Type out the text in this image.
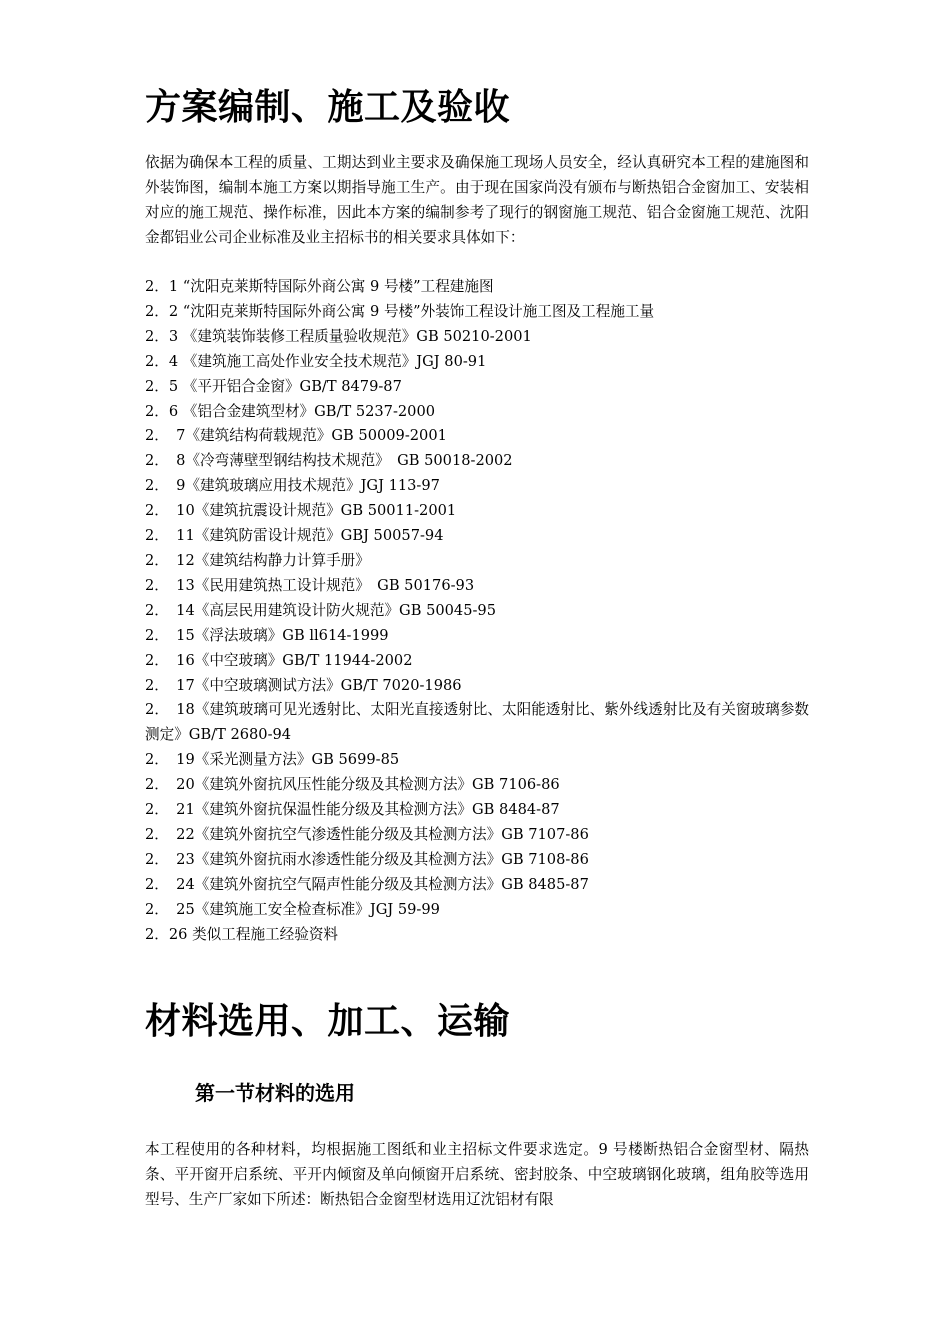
方案编制、施工及验收

依据为确保本工程的质量、工期达到业主要求及确保施工现场人员安全，经认真研究本工程的建施图和外装饰图，编制本施工方案以期指导施工生产。由于现在国家尚没有颁布与断热铝合金窗加工、安装相对应的施工规范、操作标准，因此本方案的编制参考了现行的钢窗施工规范、铝合金窗施工规范、沈阳金都铝业公司企业标准及业主招标书的相关要求具体如下：

2．1 “沈阳克莱斯特国际外商公寓 9 号楼”工程建施图
2．2 “沈阳克莱斯特国际外商公寓 9 号楼”外装饰工程设计施工图及工程施工量
2．3 《建筑装饰装修工程质量验收规范》GB 50210-2001
2．4 《建筑施工高处作业安全技术规范》JGJ 80-91
2．5 《平开铝合金窗》GB/T 8479-87
2．6 《铝合金建筑型材》GB/T 5237-2000
2．　7《建筑结构荷载规范》GB 50009-2001
2．　8《冷弯薄壁型钢结构技术规范》　GB 50018-2002
2．　9《建筑玻璃应用技术规范》JGJ 113-97
2．　10《建筑抗震设计规范》GB 50011-2001
2．　11《建筑防雷设计规范》GBJ 50057-94
2．　12《建筑结构静力计算手册》
2．　13《民用建筑热工设计规范》　GB 50176-93
2．　14《高层民用建筑设计防火规范》GB 50045-95
2．　15《浮法玻璃》GB ll614-1999
2．　16《中空玻璃》GB/T 11944-2002
2．　17《中空玻璃测试方法》GB/T 7020-1986
2．　18《建筑玻璃可见光透射比、太阳光直接透射比、太阳能透射比、紫外线透射比及有关窗玻璃参数测定》GB/T 2680-94
2．　19《采光测量方法》GB 5699-85
2．　20《建筑外窗抗风压性能分级及其检测方法》GB 7106-86
2．　21《建筑外窗抗保温性能分级及其检测方法》GB 8484-87
2．　22《建筑外窗抗空气渗透性能分级及其检测方法》GB 7107-86
2．　23《建筑外窗抗雨水渗透性能分级及其检测方法》GB 7108-86
2．　24《建筑外窗抗空气隔声性能分级及其检测方法》GB 8485-87
2．　25《建筑施工安全检查标准》JGJ 59-99
2．26 类似工程施工经验资料
材料选用、加工、运输
第一节材料的选用

本工程使用的各种材料，均根据施工图纸和业主招标文件要求选定。9 号楼断热铝合金窗型材、隔热条、平开窗开启系统、平开内倾窗及单向倾窗开启系统、密封胶条、中空玻璃钢化玻璃，组角胶等选用型号、生产厂家如下所述：断热铝合金窗型材选用辽沈铝材有限
